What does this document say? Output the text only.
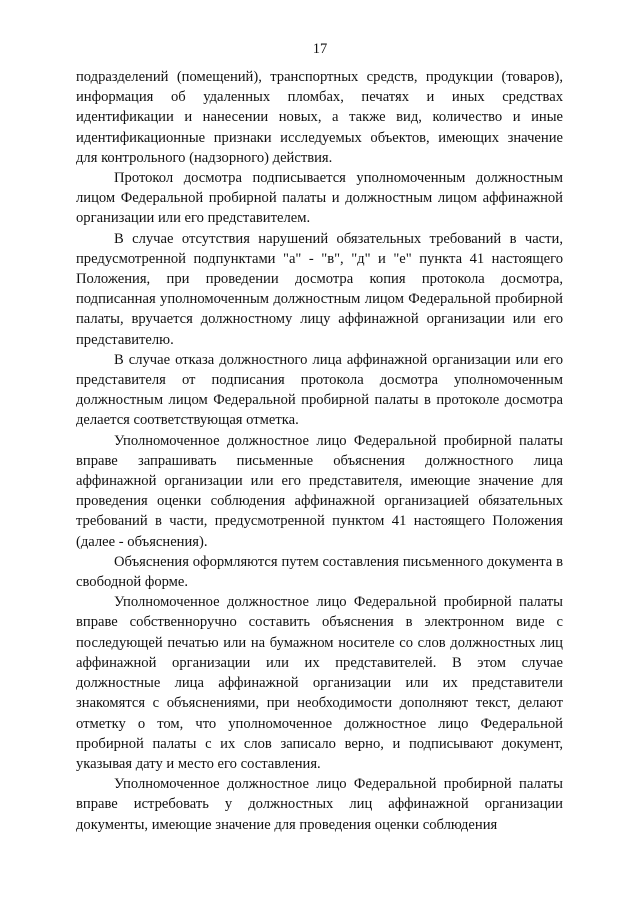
17

подразделений (помещений), транспортных средств, продукции (товаров), информация об удаленных пломбах, печатях и иных средствах идентификации и нанесении новых, а также вид, количество и иные идентификационные признаки исследуемых объектов, имеющих значение для контрольного (надзорного) действия.

Протокол досмотра подписывается уполномоченным должностным лицом Федеральной пробирной палаты и должностным лицом аффинажной организации или его представителем.

В случае отсутствия нарушений обязательных требований в части, предусмотренной подпунктами "а" - "в", "д" и "е" пункта 41 настоящего Положения, при проведении досмотра копия протокола досмотра, подписанная уполномоченным должностным лицом Федеральной пробирной палаты, вручается должностному лицу аффинажной организации или его представителю.

В случае отказа должностного лица аффинажной организации или его представителя от подписания протокола досмотра уполномоченным должностным лицом Федеральной пробирной палаты в протоколе досмотра делается соответствующая отметка.

Уполномоченное должностное лицо Федеральной пробирной палаты вправе запрашивать письменные объяснения должностного лица аффинажной организации или его представителя, имеющие значение для проведения оценки соблюдения аффинажной организацией обязательных требований в части, предусмотренной пунктом 41 настоящего Положения (далее - объяснения).

Объяснения оформляются путем составления письменного документа в свободной форме.

Уполномоченное должностное лицо Федеральной пробирной палаты вправе собственноручно составить объяснения в электронном виде с последующей печатью или на бумажном носителе со слов должностных лиц аффинажной организации или их представителей. В этом случае должностные лица аффинажной организации или их представители знакомятся с объяснениями, при необходимости дополняют текст, делают отметку о том, что уполномоченное должностное лицо Федеральной пробирной палаты с их слов записало верно, и подписывают документ, указывая дату и место его составления.

Уполномоченное должностное лицо Федеральной пробирной палаты вправе истребовать у должностных лиц аффинажной организации документы, имеющие значение для проведения оценки соблюдения
